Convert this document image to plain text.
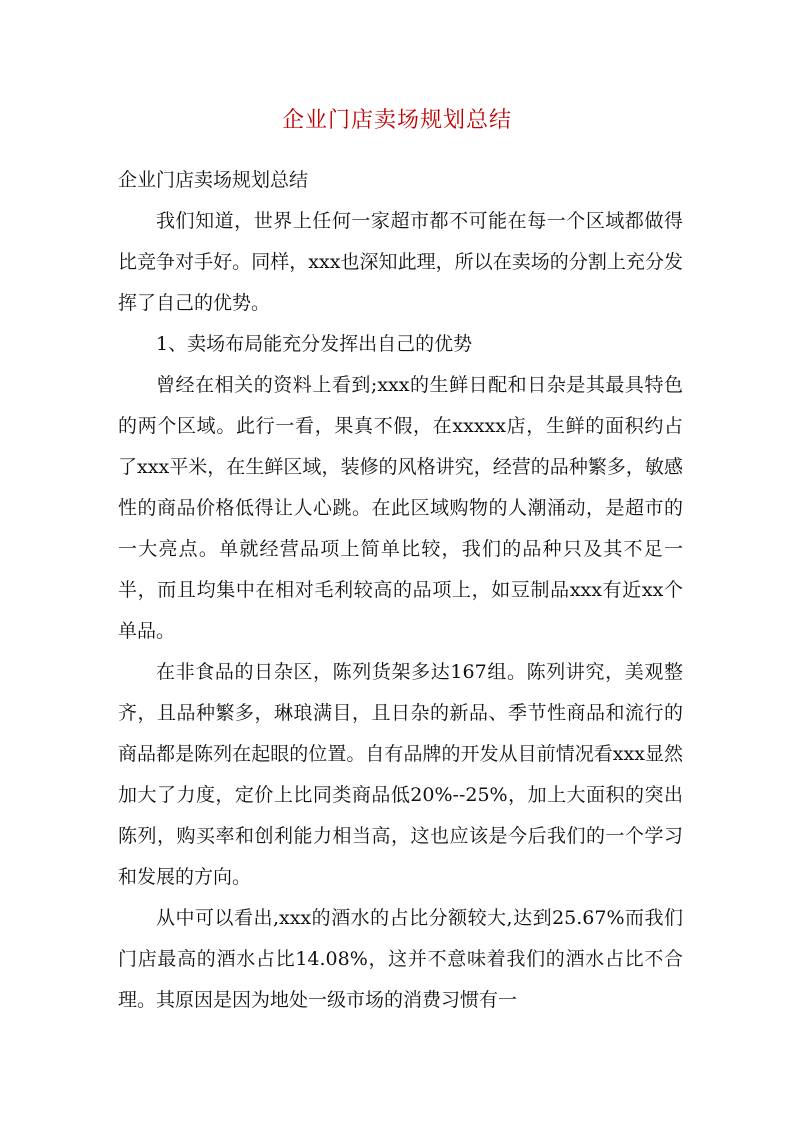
企业门店卖场规划总结

企业门店卖场规划总结

我们知道，世界上任何一家超市都不可能在每一个区域都做得比竞争对手好。同样，xxx也深知此理，所以在卖场的分割上充分发挥了自己的优势。

1、卖场布局能充分发挥出自己的优势

曾经在相关的资料上看到;xxx的生鲜日配和日杂是其最具特色的两个区域。此行一看，果真不假，在xxxxx店，生鲜的面积约占了xxx平米，在生鲜区域，装修的风格讲究，经营的品种繁多，敏感性的商品价格低得让人心跳。在此区域购物的人潮涌动，是超市的一大亮点。单就经营品项上简单比较，我们的品种只及其不足一半，而且均集中在相对毛利较高的品项上，如豆制品xxx有近xx个单品。

在非食品的日杂区，陈列货架多达167组。陈列讲究，美观整齐，且品种繁多，琳琅满目，且日杂的新品、季节性商品和流行的商品都是陈列在起眼的位置。自有品牌的开发从目前情况看xxx显然加大了力度，定价上比同类商品低20%--25%，加上大面积的突出陈列，购买率和创利能力相当高，这也应该是今后我们的一个学习和发展的方向。

从中可以看出,xxx的酒水的占比分额较大,达到25.67%而我们门店最高的酒水占比14.08%，这并不意味着我们的酒水占比不合理。其原因是因为地处一级市场的消费习惯有一
